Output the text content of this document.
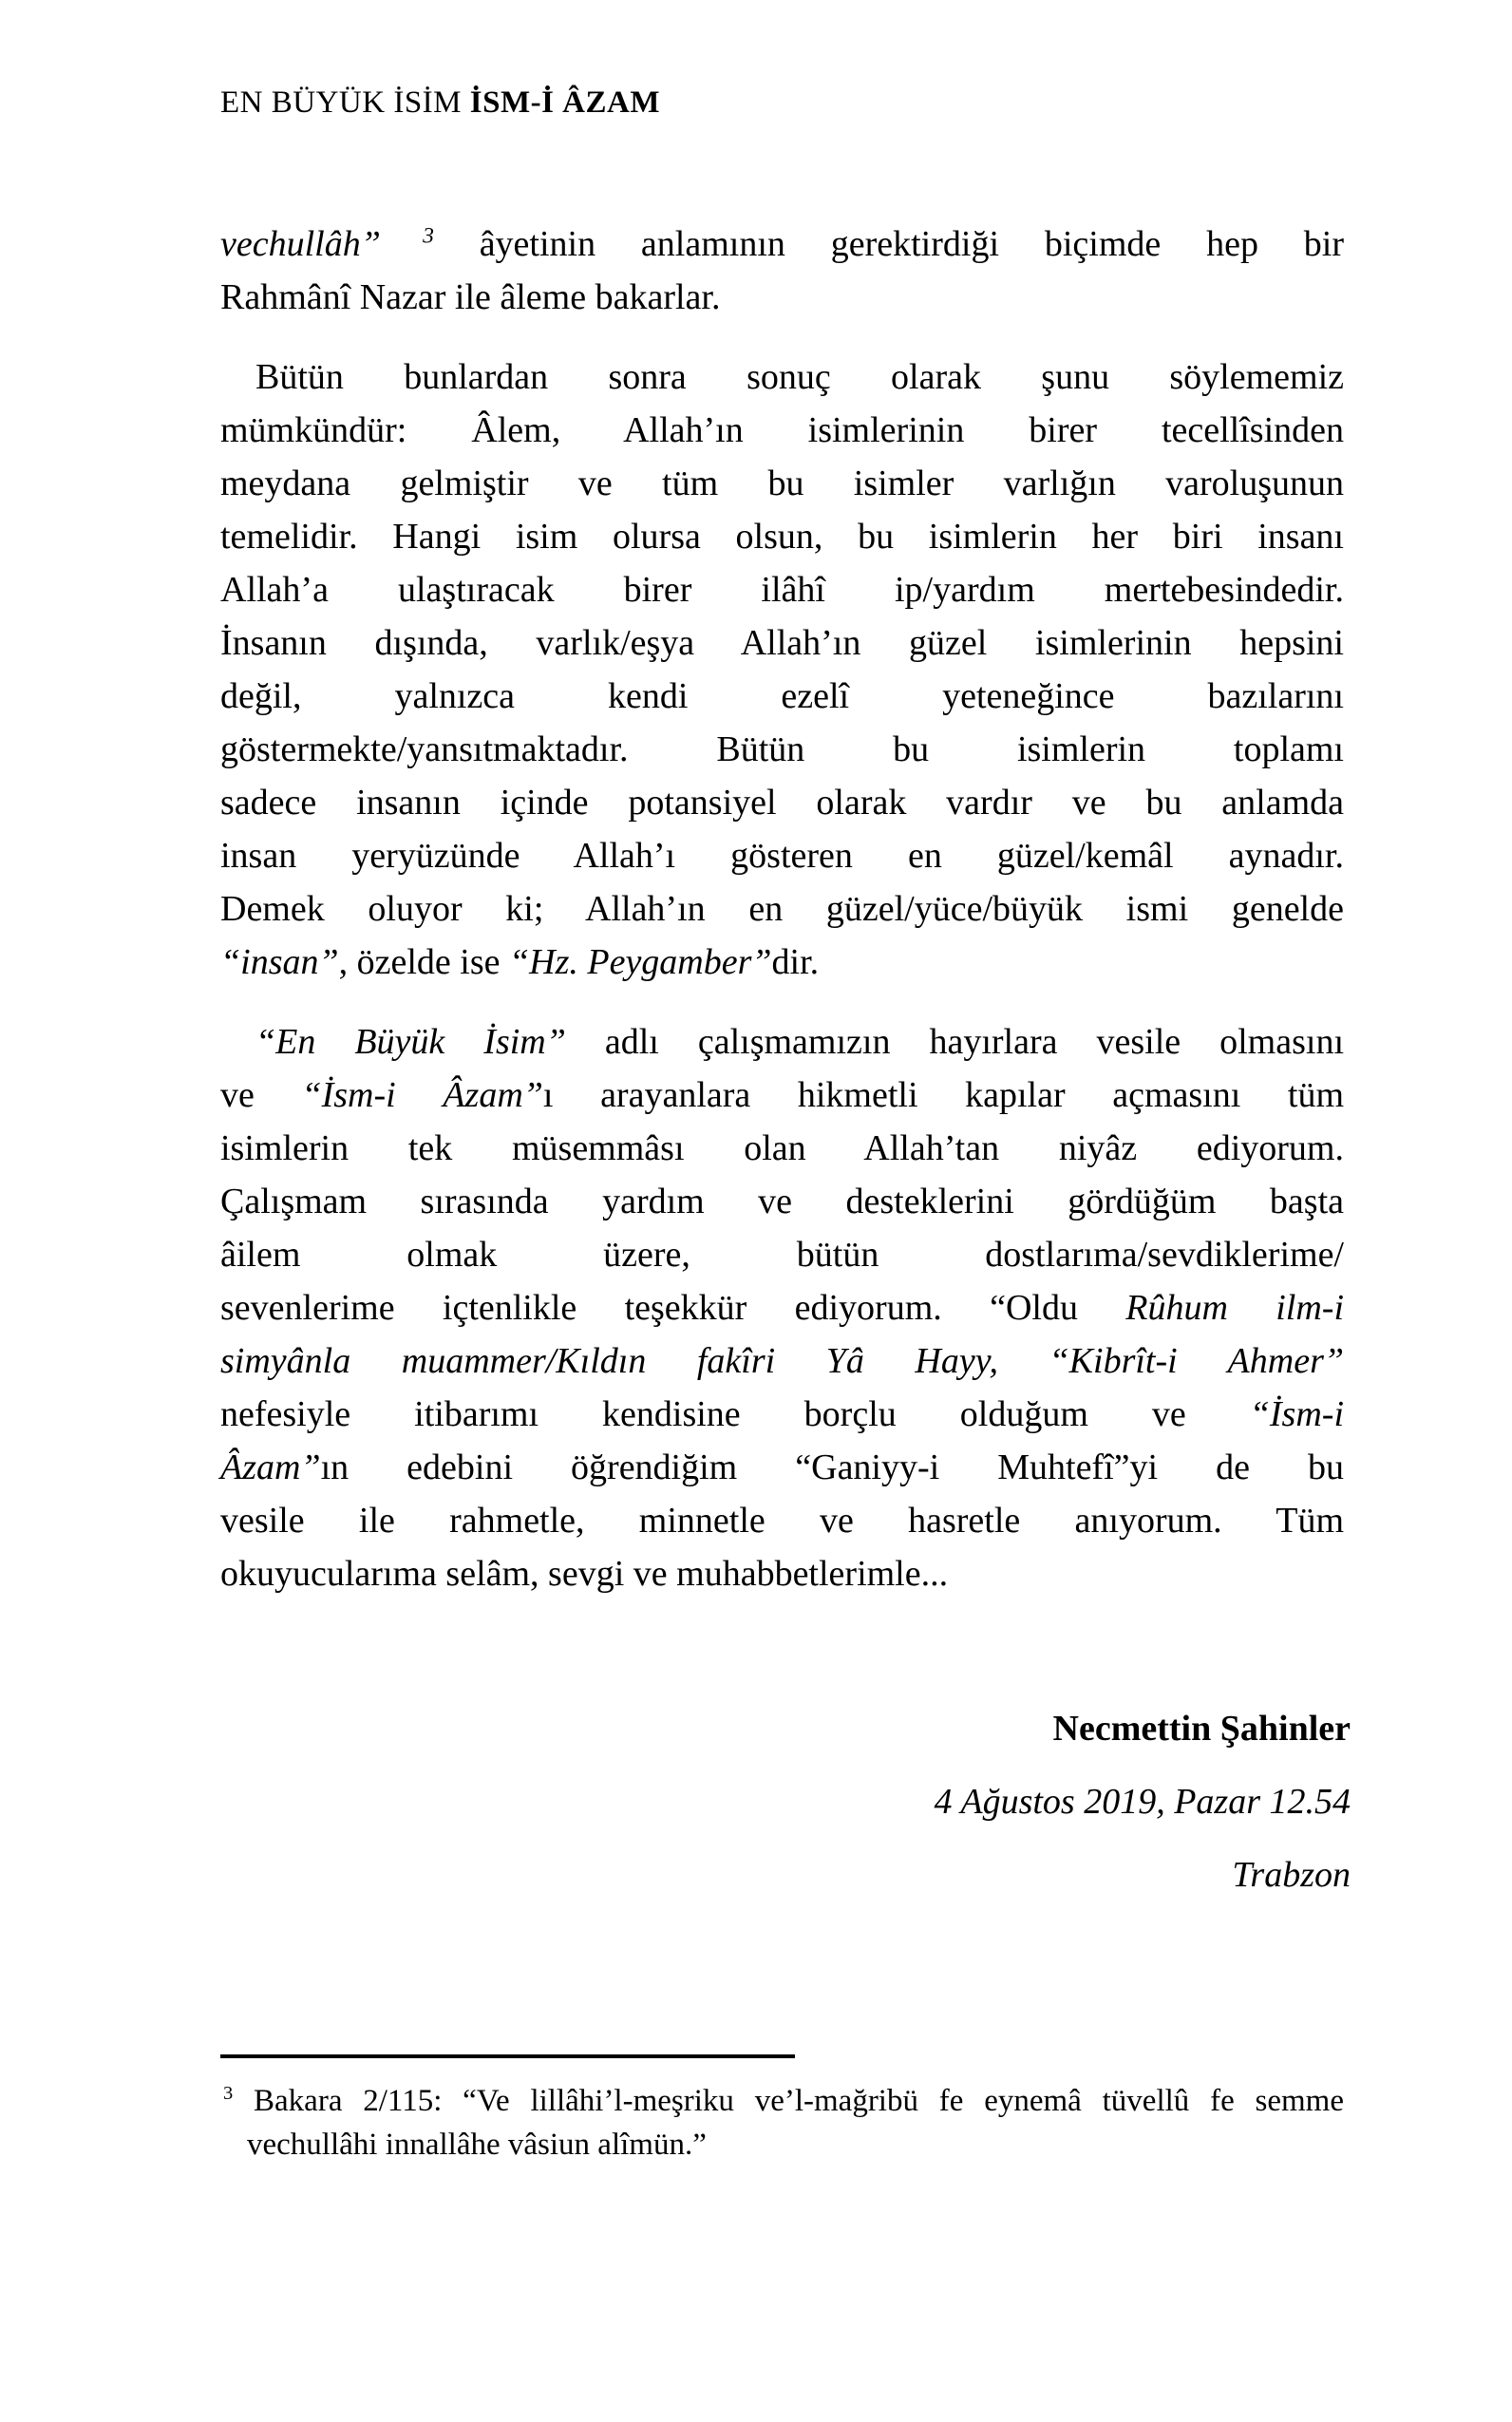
EN BÜYÜK İSİM İSM-İ ÂZAM
vechullâh” $^3$ âyetinin anlamının gerektirdiği biçimde hep bir
Rahmânî Nazar ile âleme bakarlar.
Bütün bunlardan sonra sonuç olarak şunu söylememiz
mümkündür: Âlem, Allah’ın isimlerinin birer tecellîsinden
meydana gelmiştir ve tüm bu isimler varlığın varoluşunun
temelidir. Hangi isim olursa olsun, bu isimlerin her biri insanı
Allah’a ulaştıracak birer ilâhî ip/yardım mertebesindedir.
İnsanın dışında, varlık/eşya Allah’ın güzel isimlerinin hepsini
değil, yalnızca kendi ezelî yeteneğince bazılarını
göstermekte/yansıtmaktadır. Bütün bu isimlerin toplamı
sadece insanın içinde potansiyel olarak vardır ve bu anlamda
insan yeryüzünde Allah’ı gösteren en güzel/kemâl aynadır.
Demek oluyor ki; Allah’ın en güzel/yüce/büyük ismi genelde
“insan”, özelde ise “Hz. Peygamber”dir.
“En Büyük İsim” adlı çalışmamızın hayırlara vesile olmasını
ve “İsm-i Âzam”ı arayanlara hikmetli kapılar açmasını tüm
isimlerin tek müsemmâsı olan Allah’tan niyâz ediyorum.
Çalışmam sırasında yardım ve desteklerini gördüğüm başta
âilem olmak üzere, bütün dostlarıma/sevdiklerime/
sevenlerime içtenlikle teşekkür ediyorum. “Oldu Rûhum ilm-i
simyânla muammer/Kıldın fakîri Yâ Hayy, “Kibrît-i Ahmer”
nefesiyle itibarımı kendisine borçlu olduğum ve “İsm-i
Âzam”ın edebini öğrendiğim “Ganiyy-i Muhtefî”yi de bu
vesile ile rahmetle, minnetle ve hasretle anıyorum. Tüm
okuyucularıma selâm, sevgi ve muhabbetlerimle...
Necmettin Şahinler
4 Ağustos 2019, Pazar 12.54
Trabzon
$^3$ Bakara 2/115: “Ve lillâhi’l-meşriku ve’l-mağribü fe eynemâ tüvellû fe semme
vechullâhi innallâhe vâsiun alîmün.”
